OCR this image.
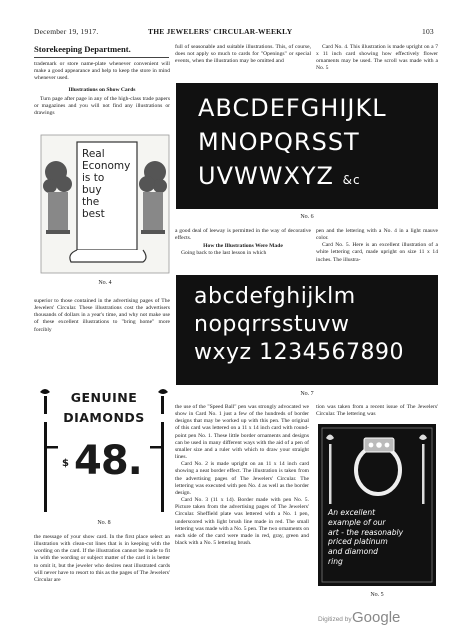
December 19, 1917.	THE JEWELERS' CIRCULAR-WEEKLY	103
Storekeeping Department.

trademark or store name-plate whenever convenient will make a good appearance and help to keep the store in mind whenever used.

Illustrations on Show Cards

Turn page after page in any of the high-class trade papers or magazines and you will not find any illustrations or drawings

Real
Economy
is to
buy
the
best
No. 4

superior to those contained in the advertising pages of The Jewelers' Circular. These illustrations cost the advertisers thousands of dollars in a year's time, and why not make use of these excellent illustrations to "bring home" more forcibly

GENUINE
DIAMONDS
$ 48.
No. 8

the message of your show card. In the first place select an illustration with clean-cut lines that is in keeping with the wording on the card. If the illustration cannot be made to fit in with the wording or subject matter of the card it is better to omit it, but the jeweler who desires neat illustrated cards will never have to resort to this as the pages of The Jewelers' Circular are

full of seasonable and suitable illustrations. This, of course, does not apply so much to cards for "Openings" or special events, when the illustration may be omitted and

Card No. 4. This illustration is made upright on a 7 x 11 inch card showing how effectively flower ornaments may be used. The scroll was made with a No. 5

ABCDEFGHIJKL
MNOPQRSST
UVWWXYZ &c
No. 6

a good deal of leeway is permitted in the way of decorative effects.

How the Illustrations Were Made

Going back to the last lesson in which

pen and the lettering with a No. 4 in a light mauve color.

Card No. 5. Here is an excellent illustration of a white lettering card, made upright on size 11 x 14 inches. The illustra-

abcdefghijklm
nopqrrsstuvw
wxyz 1234567890
No. 7

the use of the "Speed Ball" pen was strongly advocated we show in Card No. 1 just a few of the hundreds of border designs that may be worked up with this pen. The original of this card was lettered on a 11 x 14 inch card with round-point pen No. 1. These little border ornaments and designs can be used in many different ways with the aid of a pen of smaller size and a ruler with which to draw your straight lines.

Card No. 2 is made upright on an 11 x 14 inch card showing a neat border effect. The illustration is taken from the advertising pages of The Jewelers' Circular. The lettering was executed with pen No. 4 as well as the border design.

Card No. 3 (11 x 14). Border made with pen No. 5. Picture taken from the advertising pages of The Jewelers' Circular. Sheffield plate was lettered with a No. 1 pen, underscored with light brush line made in red. The small lettering was made with a No. 5 pen. The two ornaments on each side of the card were made in red, gray, green and black with a No. 5 lettering brush.

tion was taken from a recent issue of The Jewelers' Circular. The lettering was

An excellent
example of our
art - the reasonably
priced platinum
and diamond
ring
No. 5
Digitized by Google
